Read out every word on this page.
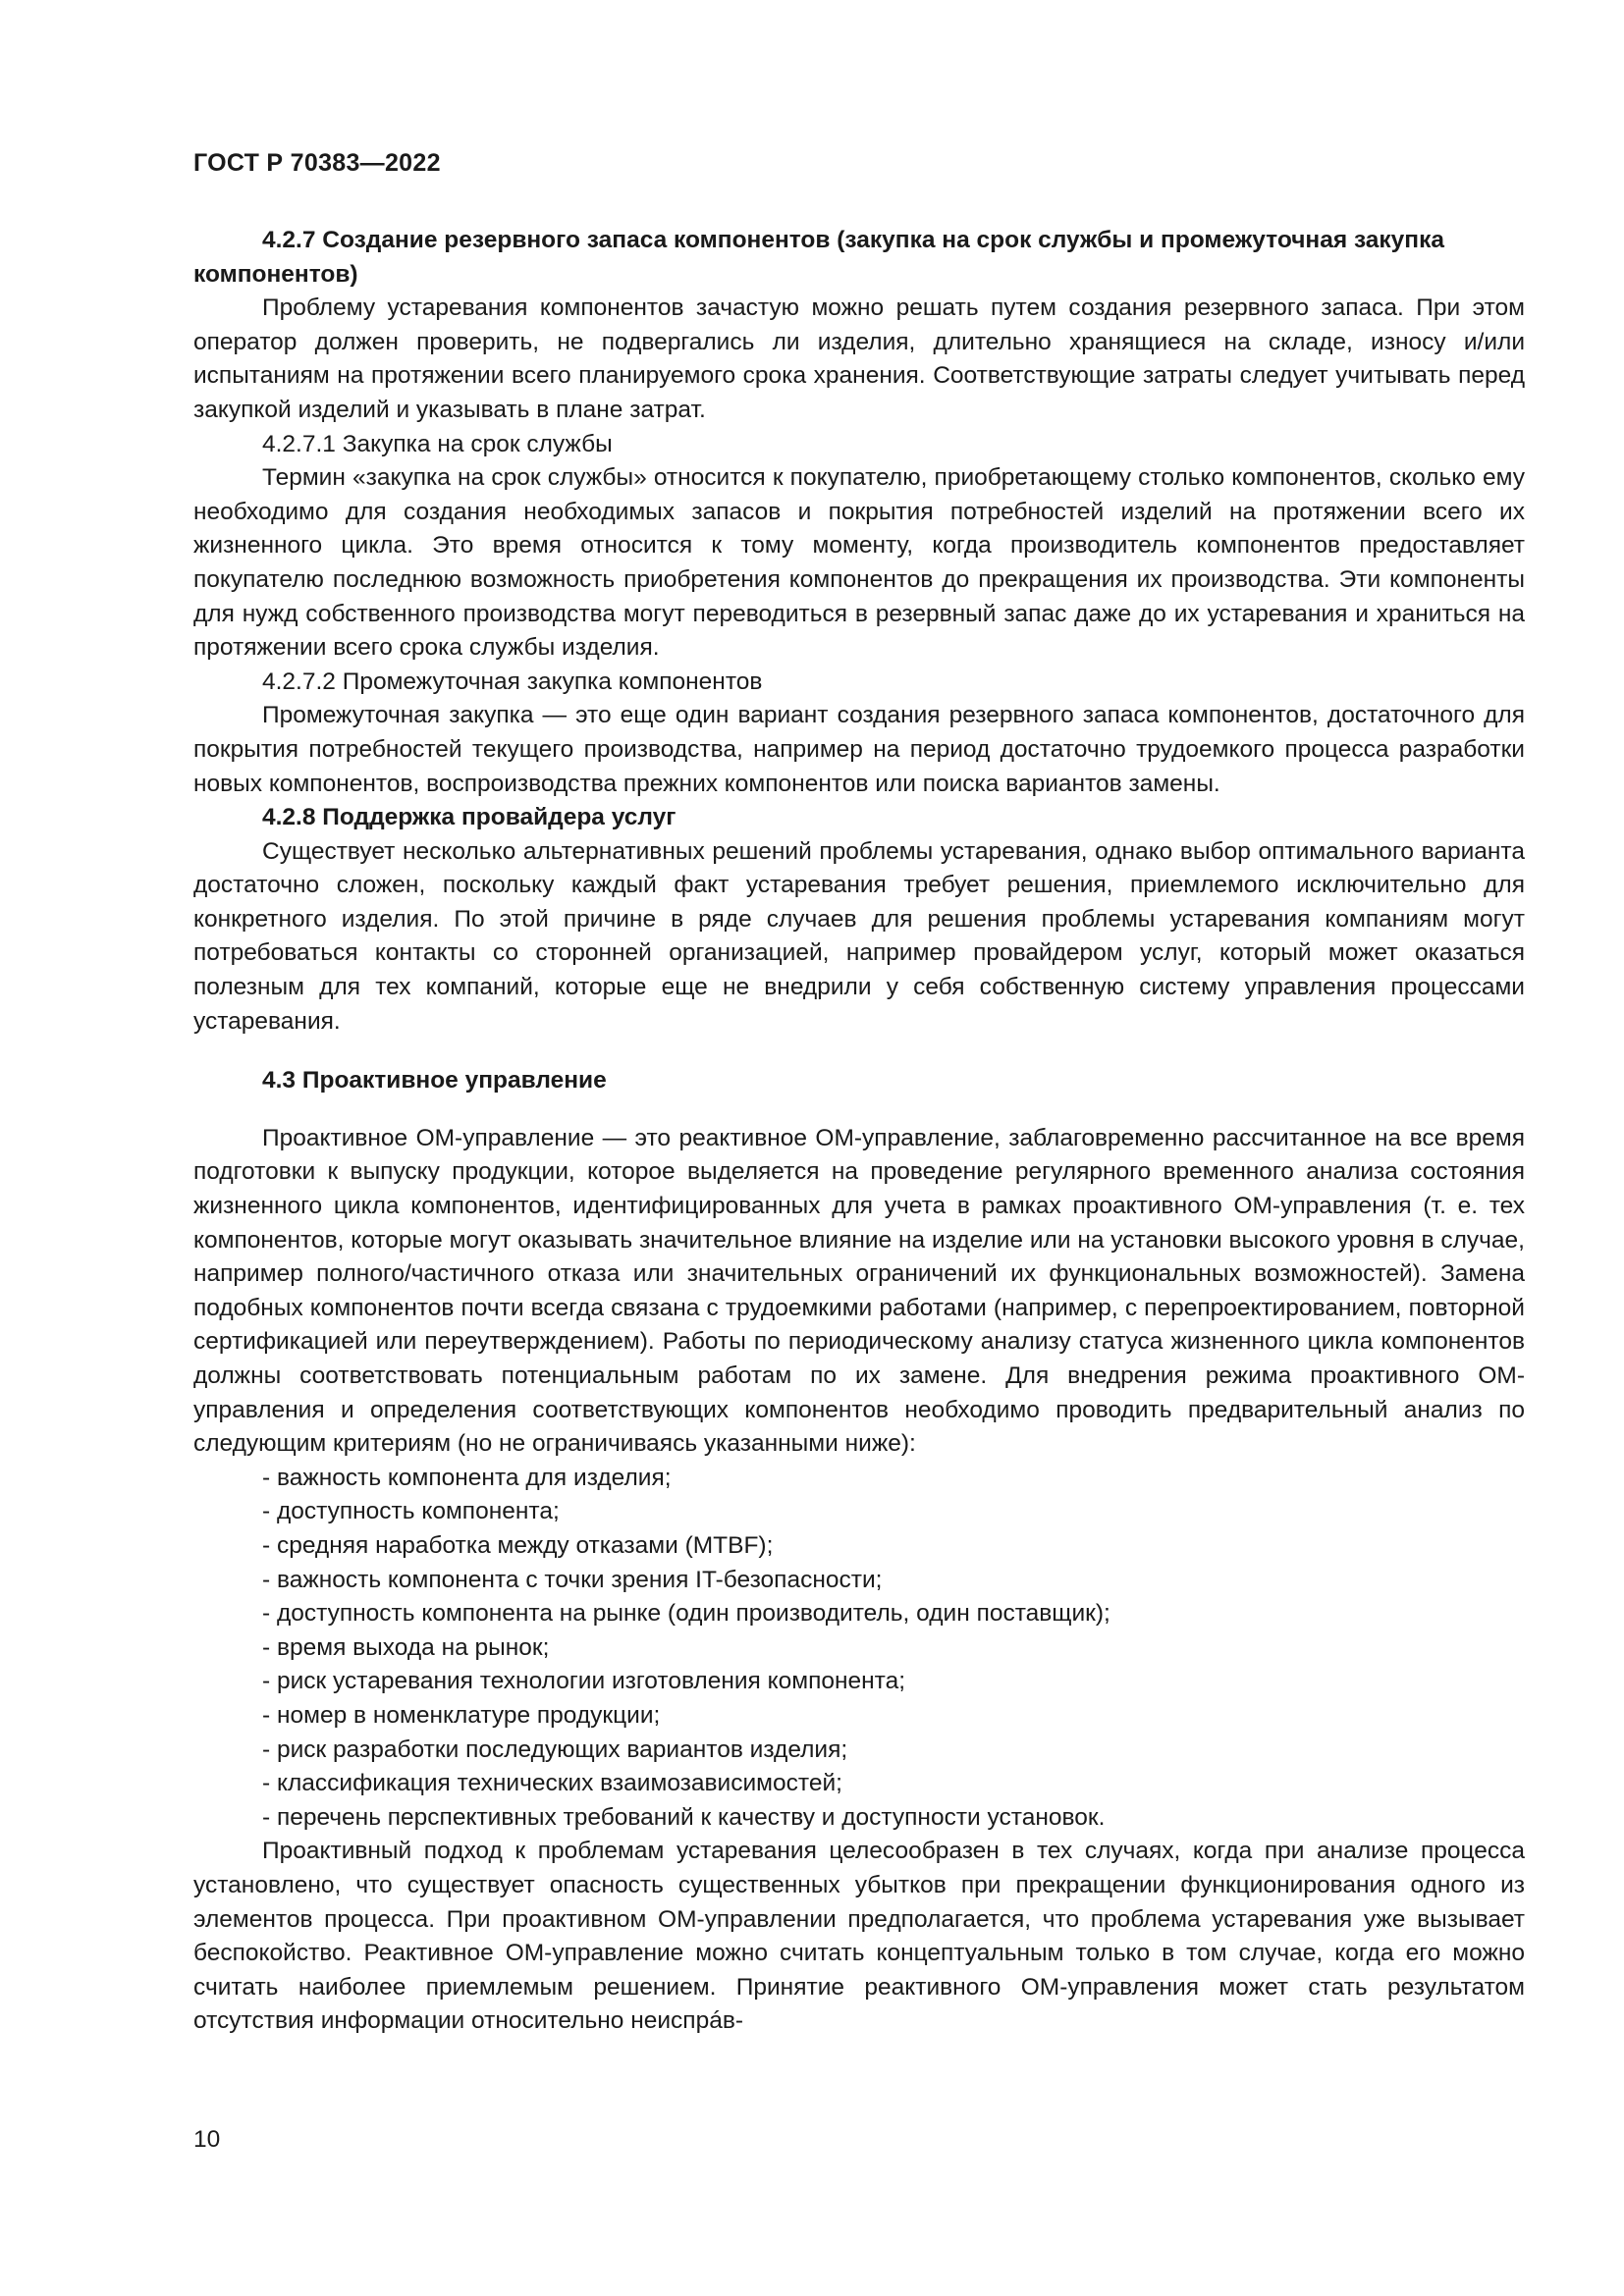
ГОСТ Р 70383—2022

4.2.7 Создание резервного запаса компонентов (закупка на срок службы и промежуточная закупка компонентов)

Проблему устаревания компонентов зачастую можно решать путем создания резервного запаса. При этом оператор должен проверить, не подвергались ли изделия, длительно хранящиеся на складе, износу и/или испытаниям на протяжении всего планируемого срока хранения. Соответствующие затраты следует учитывать перед закупкой изделий и указывать в плане затрат.

4.2.7.1 Закупка на срок службы

Термин «закупка на срок службы» относится к покупателю, приобретающему столько компонентов, сколько ему необходимо для создания необходимых запасов и покрытия потребностей изделий на протяжении всего их жизненного цикла. Это время относится к тому моменту, когда производитель компонентов предоставляет покупателю последнюю возможность приобретения компонентов до прекращения их производства. Эти компоненты для нужд собственного производства могут переводиться в резервный запас даже до их устаревания и храниться на протяжении всего срока службы изделия.

4.2.7.2 Промежуточная закупка компонентов

Промежуточная закупка — это еще один вариант создания резервного запаса компонентов, достаточного для покрытия потребностей текущего производства, например на период достаточно трудоемкого процесса разработки новых компонентов, воспроизводства прежних компонентов или поиска вариантов замены.

4.2.8 Поддержка провайдера услуг

Существует несколько альтернативных решений проблемы устаревания, однако выбор оптимального варианта достаточно сложен, поскольку каждый факт устаревания требует решения, приемлемого исключительно для конкретного изделия. По этой причине в ряде случаев для решения проблемы устаревания компаниям могут потребоваться контакты со сторонней организацией, например провайдером услуг, который может оказаться полезным для тех компаний, которые еще не внедрили у себя собственную систему управления процессами устаревания.

4.3 Проактивное управление

Проактивное ОМ-управление — это реактивное ОМ-управление, заблаговременно рассчитанное на все время подготовки к выпуску продукции, которое выделяется на проведение регулярного временного анализа состояния жизненного цикла компонентов, идентифицированных для учета в рамках проактивного ОМ-управления (т. е. тех компонентов, которые могут оказывать значительное влияние на изделие или на установки высокого уровня в случае, например полного/частичного отказа или значительных ограничений их функциональных возможностей). Замена подобных компонентов почти всегда связана с трудоемкими работами (например, с перепроектированием, повторной сертификацией или переутверждением). Работы по периодическому анализу статуса жизненного цикла компонентов должны соответствовать потенциальным работам по их замене. Для внедрения режима проактивного ОМ-управления и определения соответствующих компонентов необходимо проводить предварительный анализ по следующим критериям (но не ограничиваясь указанными ниже):

- важность компонента для изделия;
- доступность компонента;
- средняя наработка между отказами (MTBF);
- важность компонента с точки зрения IT-безопасности;
- доступность компонента на рынке (один производитель, один поставщик);
- время выхода на рынок;
- риск устаревания технологии изготовления компонента;
- номер в номенклатуре продукции;
- риск разработки последующих вариантов изделия;
- классификация технических взаимозависимостей;
- перечень перспективных требований к качеству и доступности установок.

Проактивный подход к проблемам устаревания целесообразен в тех случаях, когда при анализе процесса установлено, что существует опасность существенных убытков при прекращении функционирования одного из элементов процесса. При проактивном ОМ-управлении предполагается, что проблема устаревания уже вызывает беспокойство. Реактивное ОМ-управление можно считать концептуальным только в том случае, когда его можно считать наиболее приемлемым решением. Принятие реактивного ОМ-управления может стать результатом отсутствия информации относительно неиспрáв-

10
